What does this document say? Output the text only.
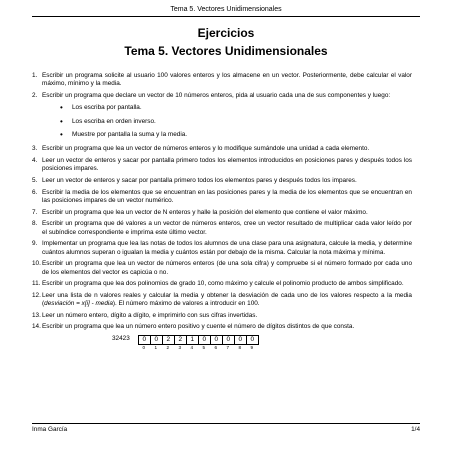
Tema 5. Vectores Unidimensionales
Ejercicios
Tema 5. Vectores Unidimensionales
1. Escribir un programa solicite al usuario 100 valores enteros y los almacene en un vector. Posteriormente, debe calcular el valor máximo, mínimo y la media.
2. Escribir un programa que declare un vector de 10 números enteros, pida al usuario cada una de sus componentes y luego:
•	Los escriba por pantalla.
•	Los escriba en orden inverso.
•	Muestre por pantalla la suma y la media.
3. Escribir un programa que lea un vector de números enteros y lo modifique sumándole una unidad a cada elemento.
4. Leer un vector de enteros y sacar por pantalla primero todos los elementos introducidos en posiciones pares y después todos los posiciones impares.
5. Leer un vector de enteros y sacar por pantalla primero todos los elementos pares y después todos los impares.
6. Escribir la media de los elementos que se encuentran en las posiciones pares y la media de los elementos que se encuentran en las posiciones impares de un vector numérico.
7. Escribir un programa que lea un vector de N enteros y halle la posición del elemento que contiene el valor máximo.
8. Escribir un programa que dé valores a un vector de números enteros, cree un vector resultado de multiplicar cada valor leído por el subíndice correspondiente e imprima este último vector.
9. Implementar un programa que lea las notas de todos los alumnos de una clase para una asignatura, calcule la media, y determine cuántos alumnos superan o igualan la media y cuántos están por debajo de la misma. Calcular la nota máxima y mínima.
10. Escribir un programa que lea un vector de números enteros (de una sola cifra) y compruebe si el número formado por cada uno de los elementos del vector es capicúa o no.
11. Escribir un programa que lea dos polinomios de grado 10, como máximo y calcule el polinomio producto de ambos simplificado.
12. Leer una lista de n valores reales y calcular la media y obtener la desviación de cada uno de los valores respecto a la media (desviación = x[i] - media). El número máximo de valores a introducir en 100.
13. Leer un número entero, dígito a dígito, e imprimirlo con sus cifras invertidas.
14. Escribir un programa que lea un número entero positivo y cuente el número de dígitos distintos de que consta.
32423	0	0	2	2	1	0	0	0	0	0
0	1	2	3	4	5	6	7	8	9
Inma García	1/4
